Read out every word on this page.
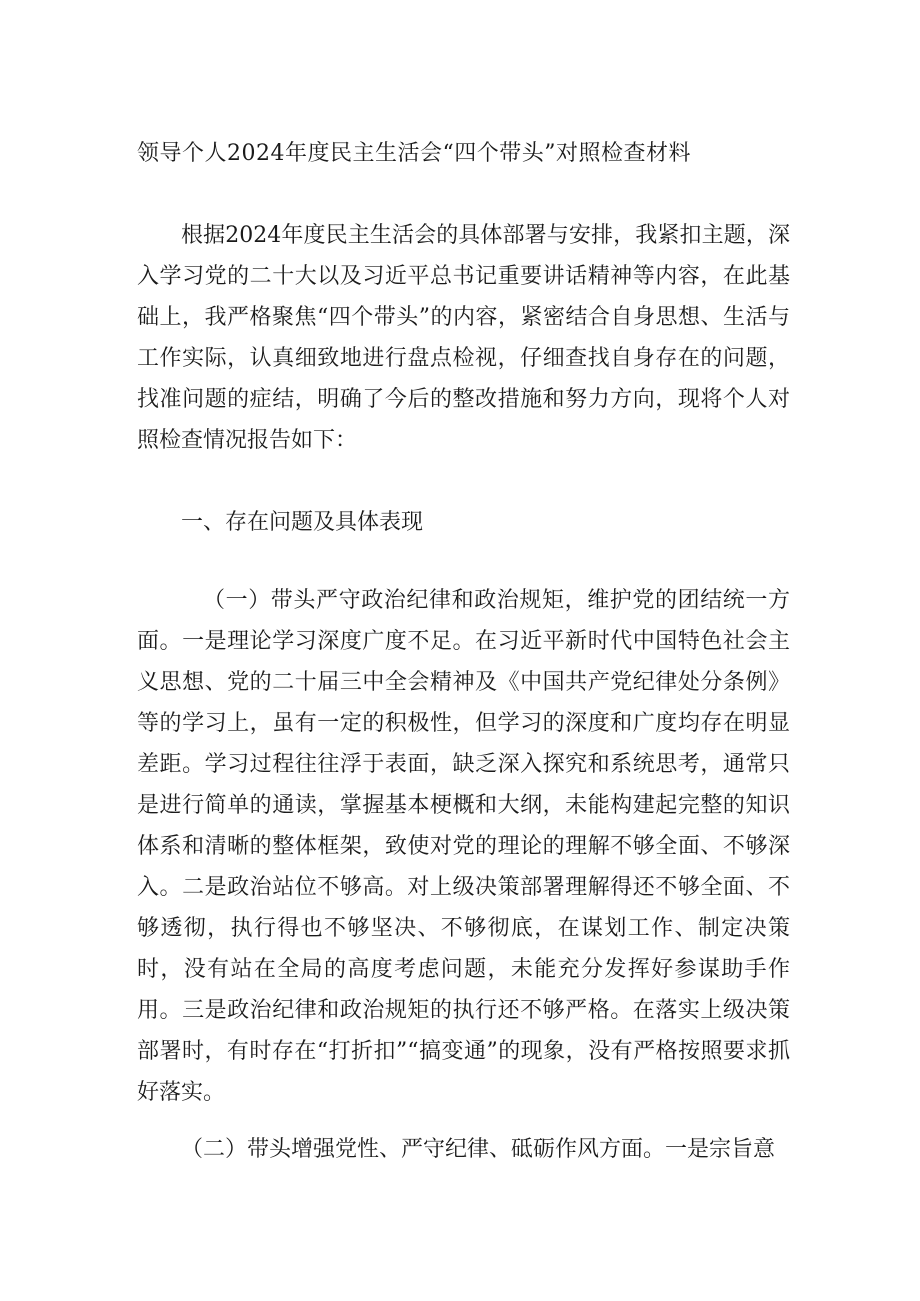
领导个人2024年度民主生活会“四个带头”对照检查材料

根据2024年度民主生活会的具体部署与安排，我紧扣主题，深入学习党的二十大以及习近平总书记重要讲话精神等内容，在此基础上，我严格聚焦“四个带头”的内容，紧密结合自身思想、生活与工作实际，认真细致地进行盘点检视，仔细查找自身存在的问题，找准问题的症结，明确了今后的整改措施和努力方向，现将个人对照检查情况报告如下：

一、存在问题及具体表现

（一）带头严守政治纪律和政治规矩，维护党的团结统一方面。一是理论学习深度广度不足。在习近平新时代中国特色社会主义思想、党的二十届三中全会精神及《中国共产党纪律处分条例》等的学习上，虽有一定的积极性，但学习的深度和广度均存在明显差距。学习过程往往浮于表面，缺乏深入探究和系统思考，通常只是进行简单的通读，掌握基本梗概和大纲，未能构建起完整的知识体系和清晰的整体框架，致使对党的理论的理解不够全面、不够深入。二是政治站位不够高。对上级决策部署理解得还不够全面、不够透彻，执行得也不够坚决、不够彻底，在谋划工作、制定决策时，没有站在全局的高度考虑问题，未能充分发挥好参谋助手作用。三是政治纪律和政治规矩的执行还不够严格。在落实上级决策部署时，有时存在“打折扣”“搞变通”的现象，没有严格按照要求抓好落实。

（二）带头增强党性、严守纪律、砥砺作风方面。一是宗旨意
